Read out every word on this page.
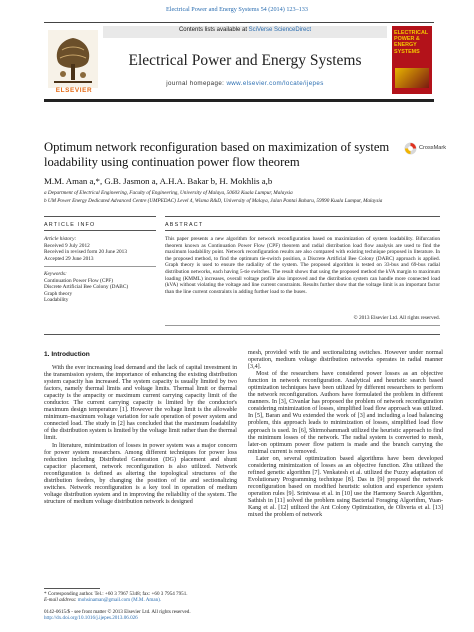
Electrical Power and Energy Systems 54 (2014) 123–133
ELSEVIER
Contents lists available at SciVerse ScienceDirect
Electrical Power and Energy Systems
journal homepage: www.elsevier.com/locate/ijepes
ELECTRICAL POWER & ENERGY SYSTEMS
Optimum network reconfiguration based on maximization of system loadability using continuation power flow theorem
CrossMark
M.M. Aman a,*, G.B. Jasmon a, A.H.A. Bakar b, H. Mokhlis a,b
a Department of Electrical Engineering, Faculty of Engineering, University of Malaya, 50603 Kuala Lumpur, Malaysia
b UM Power Energy Dedicated Advanced Centre (UMPEDAC) Level 4, Wisma R&D, University of Malaya, Jalan Pantai Baharu, 59990 Kuala Lumpur, Malaysia
ARTICLE INFO	ABSTRACT
Article history:
Received 9 July 2012
Received in revised form 20 June 2013
Accepted 29 June 2013
Keywords:
Continuation Power Flow (CPF)
Discrete Artificial Bee Colony (DABC)
Graph theory
Loadability
This paper presents a new algorithm for network reconfiguration based on maximization of system loadability. Bifurcation theorem known as Continuation Power Flow (CPF) theorem and radial distribution load flow analysis are used to find the maximum loadability point. Network reconfiguration results are also compared with existing technique proposed in literature. In the proposed method, to find the optimum tie-switch position, a Discrete Artificial Bee Colony (DABC) approach is applied. Graph theory is used to ensure the radiality of the system. The proposed algorithm is tested on 33-bus and 69-bus radial distribution networks, each having 5-tie switches. The result shows that using the proposed method the kVA margin to maximum loading (KMML) increases, overall voltage profile also improved and the distribution system can handle more connected load (kVA) without violating the voltage and line current constraints. Results further show that the voltage limit is an important factor than the line current constraints in adding further load to the buses.
© 2013 Elsevier Ltd. All rights reserved.
1. Introduction

With the ever increasing load demand and the lack of capital investment in the transmission system, the importance of enhancing the existing distribution system capacity has increased. The system capacity is usually limited by two factors, namely thermal limits and voltage limits. Thermal limit or thermal capacity is the ampacity or maximum current carrying capacity limit of the conductor. The current carrying capacity is limited by the conductor's maximum design temperature [1]. However the voltage limit is the allowable minimum–maximum voltage variation for safe operation of power system and connected load. The study in [2] has concluded that the maximum loadability of the distribution system is limited by the voltage limit rather than the thermal limit.

In literature, minimization of losses in power system was a major concern for power system researchers. Among different techniques for power loss reduction including Distributed Generation (DG) placement and shunt capacitor placement, network reconfiguration is also utilized. Network reconfiguration is defined as altering the topological structures of the distribution feeders, by changing the position of tie and sectionalizing switches. Network reconfiguration is a key tool in operation of medium voltage distribution system and in improving the reliability of the system. The structure of medium voltage distribution network is designed

mesh, provided with tie and sectionalizing switches. However under normal operation, medium voltage distribution networks operates in radial manner [3,4].

Most of the researchers have considered power losses as an objective function in network reconfiguration. Analytical and heuristic search based optimization techniques have been utilized by different researchers to perform the network reconfiguration. Authors have formulated the problem in different manners. In [3], Civanlar has proposed the problem of network reconfiguration considering minimization of losses, simplified load flow approach was utilized. In [5], Baran and Wu extended the work of [3] and including a load balancing problem, this approach leads to minimization of losses, simplified load flow approach is used. In [6], Shirmohammadi utilized the heuristic approach to find the minimum losses of the network. The radial system is converted to mesh, later-on optimum power flow pattern is made and the branch carrying the minimal current is removed.

Later on, several optimization based algorithms have been developed considering minimization of losses as an objective function. Zhu utilized the refined genetic algorithm [7]. Venkatesh et al. utilized the Fuzzy adaptation of Evolutionary Programming technique [8]. Das in [9] proposed the network reconfiguration based on modified heuristic solution and experience system operation rules [9]. Srinivasa et al. in [10] use the Harmony Search Algorithm, Sathish in [11] solved the problem using Bacterial Foraging Algorithm, Yuan-Kang et al. [12] utilized the Ant Colony Optimization, de Oliveria et al. [13] mixed the problem of network

* Corresponding author. Tel.: +60 3 7967 5348; fax: +60 3 7954 7951.
E-mail address: mohsinaman@gmail.com (M.M. Aman).
0142-0615/$ - see front matter © 2013 Elsevier Ltd. All rights reserved.
http://dx.doi.org/10.1016/j.ijepes.2013.06.026
